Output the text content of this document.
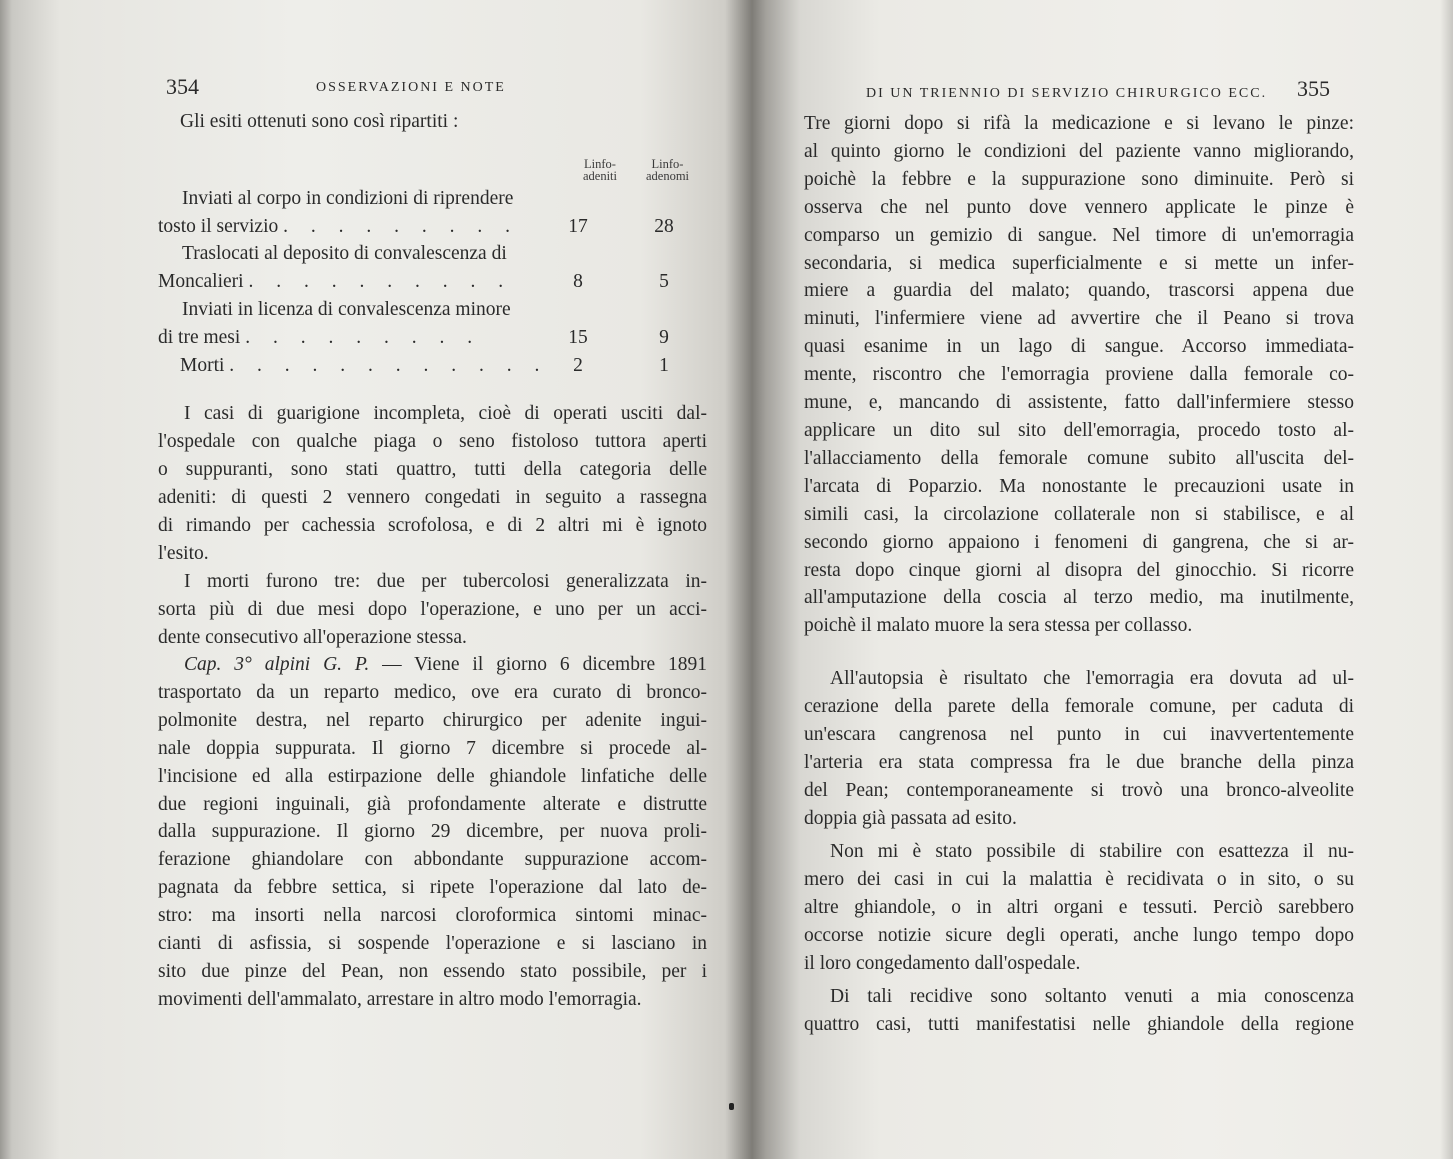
354	OSSERVAZIONI E NOTE
Gli esiti ottenuti sono così ripartiti :
Linfo-
adeniti
Linfo-
adenomi
Inviati al corpo in condizioni di riprendere
tosto il servizio . . . . . . . . .	17	28
Traslocati al deposito di convalescenza di
Moncalieri . . . . . . . . . .	8	5
Inviati in licenza di convalescenza minore
di tre mesi . . . . . . . . .	15	9
Morti . . . . . . . . . . . .	2	1
I casi di guarigione incompleta, cioè di operati usciti dal-
l'ospedale con qualche piaga o seno fistoloso tuttora aperti
o suppuranti, sono stati quattro, tutti della categoria delle
adeniti: di questi 2 vennero congedati in seguito a rassegna
di rimando per cachessia scrofolosa, e di 2 altri mi è ignoto
l'esito.
I morti furono tre: due per tubercolosi generalizzata in-
sorta più di due mesi dopo l'operazione, e uno per un acci-
dente consecutivo all'operazione stessa.
Cap. 3° alpini G. P. — Viene il giorno 6 dicembre 1891
trasportato da un reparto medico, ove era curato di bronco-
polmonite destra, nel reparto chirurgico per adenite ingui-
nale doppia suppurata. Il giorno 7 dicembre si procede al-
l'incisione ed alla estirpazione delle ghiandole linfatiche delle
due regioni inguinali, già profondamente alterate e distrutte
dalla suppurazione. Il giorno 29 dicembre, per nuova proli-
ferazione ghiandolare con abbondante suppurazione accom-
pagnata da febbre settica, si ripete l'operazione dal lato de-
stro: ma insorti nella narcosi cloroformica sintomi minac-
cianti di asfissia, si sospende l'operazione e si lasciano in
sito due pinze del Pean, non essendo stato possibile, per i
movimenti dell'ammalato, arrestare in altro modo l'emorragia.
DI UN TRIENNIO DI SERVIZIO CHIRURGICO ECC. 355
Tre giorni dopo si rifà la medicazione e si levano le pinze:
al quinto giorno le condizioni del paziente vanno migliorando,
poichè la febbre e la suppurazione sono diminuite. Però si
osserva che nel punto dove vennero applicate le pinze è
comparso un gemizio di sangue. Nel timore di un'emorragia
secondaria, si medica superficialmente e si mette un infer-
miere a guardia del malato; quando, trascorsi appena due
minuti, l'infermiere viene ad avvertire che il Peano si trova
quasi esanime in un lago di sangue. Accorso immediata-
mente, riscontro che l'emorragia proviene dalla femorale co-
mune, e, mancando di assistente, fatto dall'infermiere stesso
applicare un dito sul sito dell'emorragia, procedo tosto al-
l'allacciamento della femorale comune subito all'uscita del-
l'arcata di Poparzio. Ma nonostante le precauzioni usate in
simili casi, la circolazione collaterale non si stabilisce, e al
secondo giorno appaiono i fenomeni di gangrena, che si ar-
resta dopo cinque giorni al disopra del ginocchio. Si ricorre
all'amputazione della coscia al terzo medio, ma inutilmente,
poichè il malato muore la sera stessa per collasso.
All'autopsia è risultato che l'emorragia era dovuta ad ul-
cerazione della parete della femorale comune, per caduta di
un'escara cangrenosa nel punto in cui inavvertentemente
l'arteria era stata compressa fra le due branche della pinza
del Pean; contemporaneamente si trovò una bronco-alveolite
doppia già passata ad esito.
Non mi è stato possibile di stabilire con esattezza il nu-
mero dei casi in cui la malattia è recidivata o in sito, o su
altre ghiandole, o in altri organi e tessuti. Perciò sarebbero
occorse notizie sicure degli operati, anche lungo tempo dopo
il loro congedamento dall'ospedale.
Di tali recidive sono soltanto venuti a mia conoscenza
quattro casi, tutti manifestatisi nelle ghiandole della regione
